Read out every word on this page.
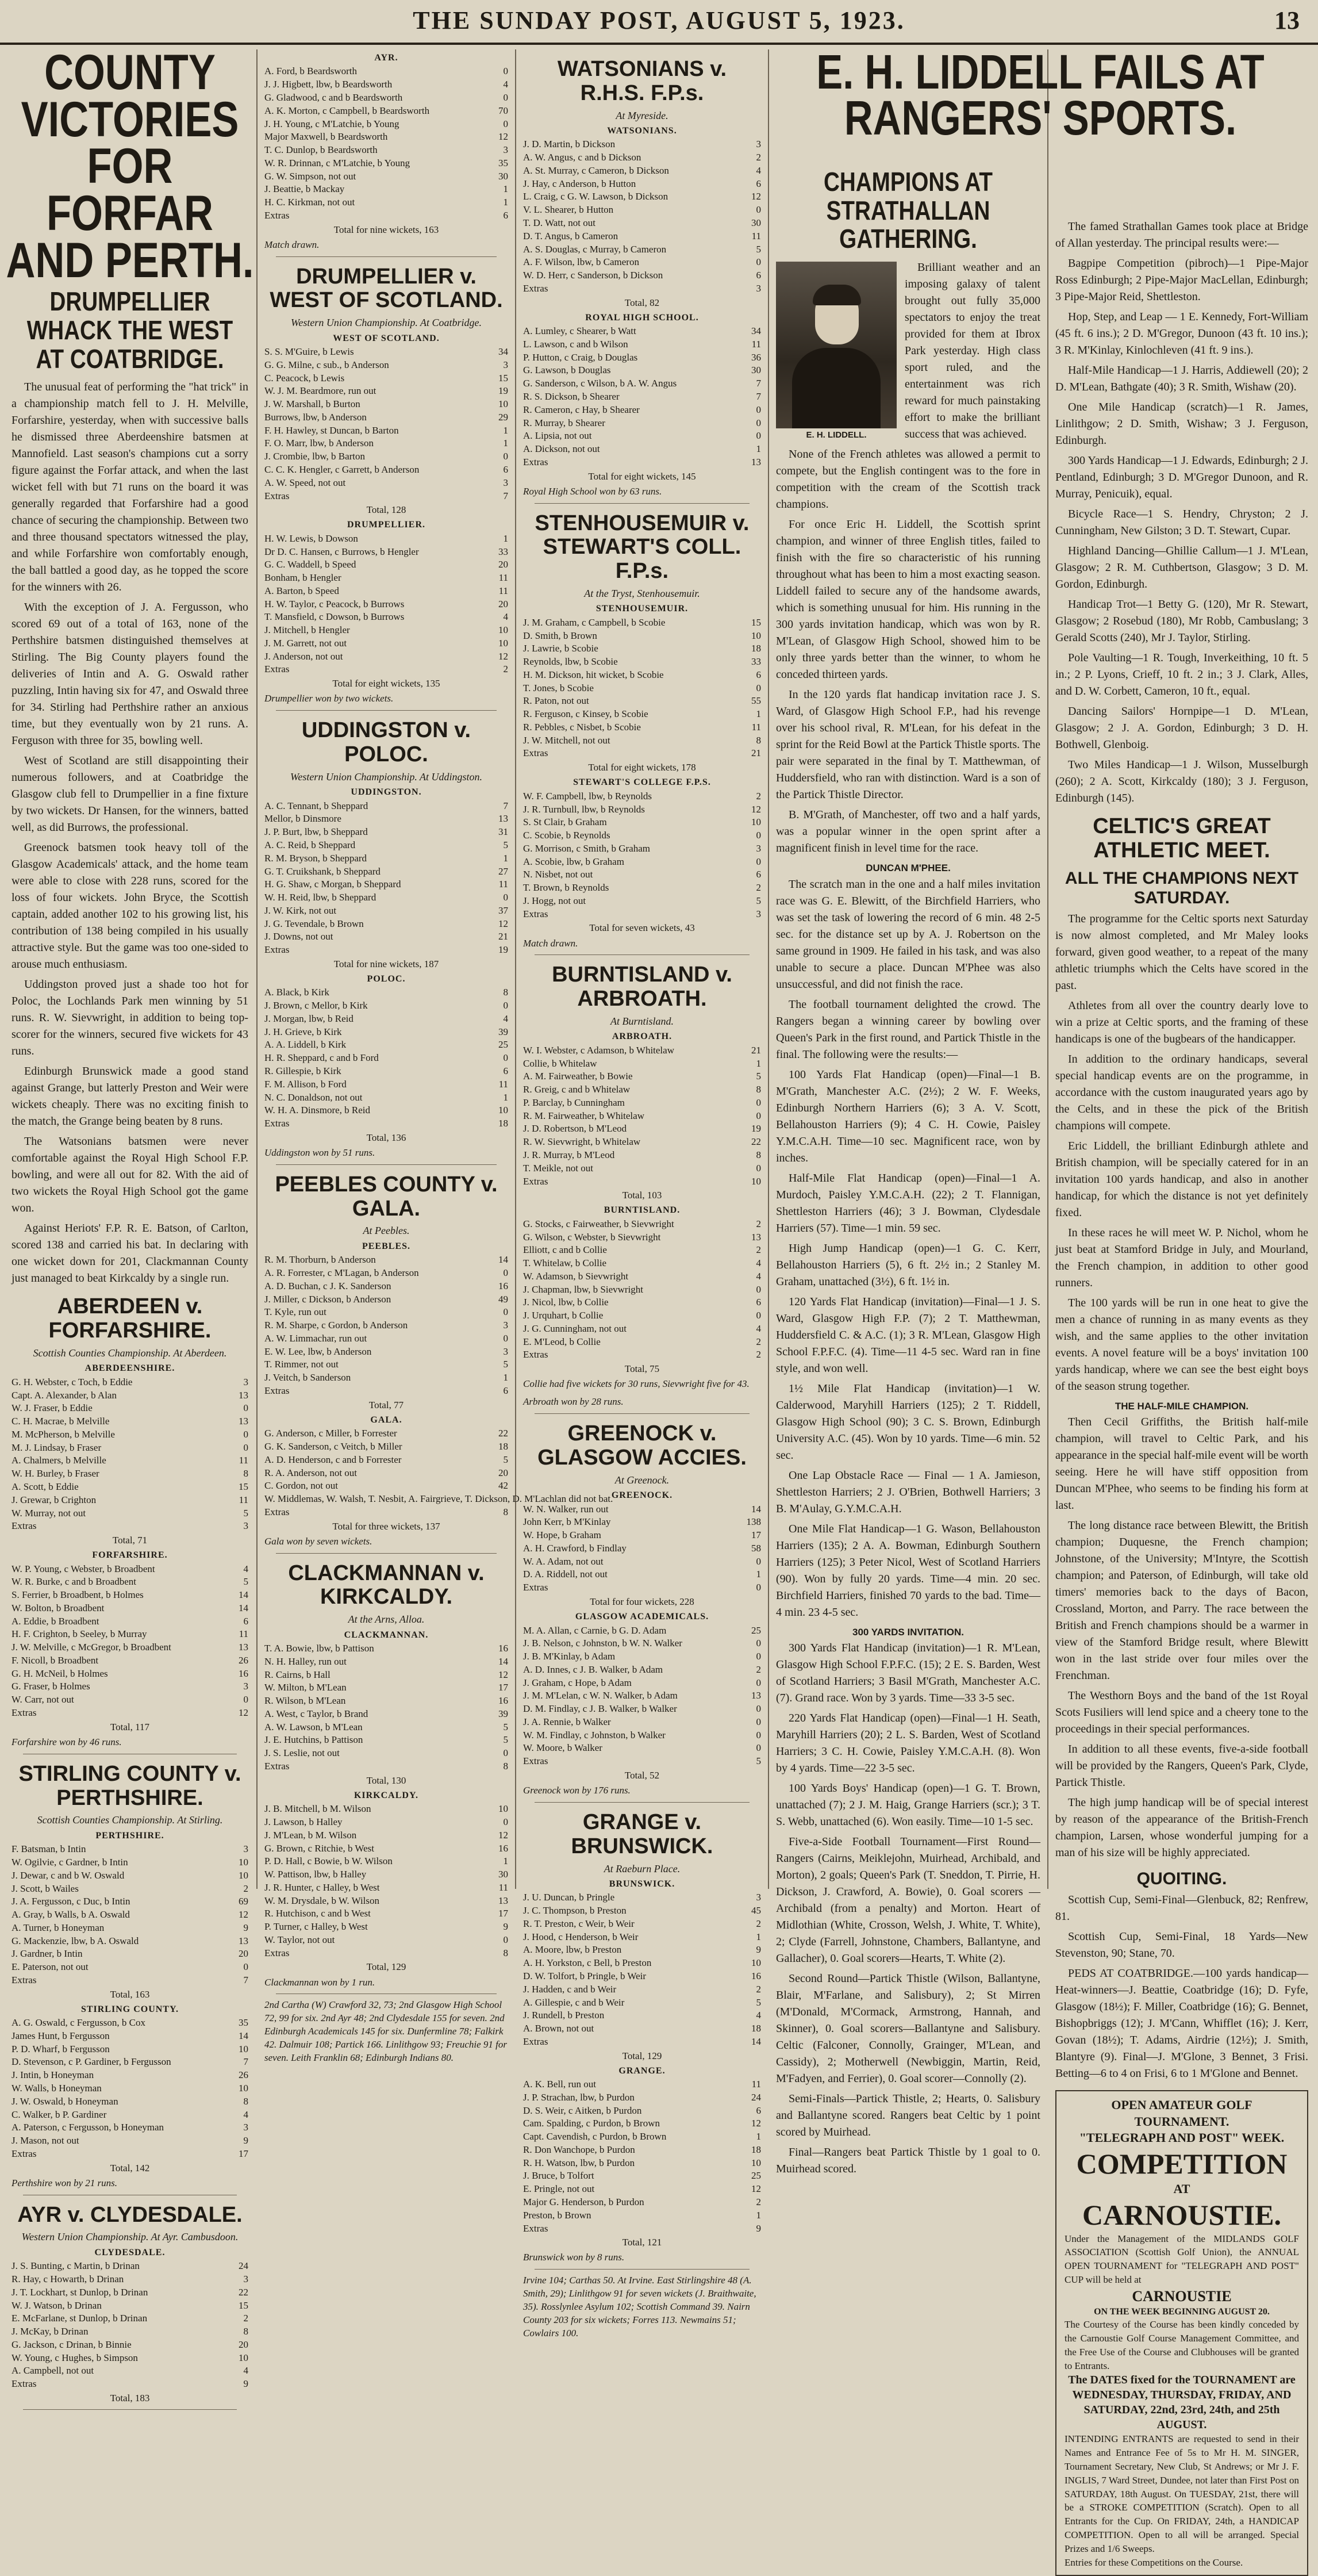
THE SUNDAY POST, AUGUST 5, 1923.	13
COUNTY VICTORIES FOR FORFAR AND PERTH.
DRUMPELLIER WHACK THE WEST AT COATBRIDGE.

The unusual feat of performing the "hat trick" in a championship match fell to J. H. Melville, Forfarshire, yesterday, when with successive balls he dismissed three Aberdeenshire batsmen at Mannofield. Last season's champions cut a sorry figure against the Forfar attack, and when the last wicket fell with but 71 runs on the board it was generally regarded that Forfarshire had a good chance of securing the championship. Between two and three thousand spectators witnessed the play, and while Forfarshire won comfortably enough, the ball battled a good day, as he topped the score for the winners with 26.

With the exception of J. A. Fergusson, who scored 69 out of a total of 163, none of the Perthshire batsmen distinguished themselves at Stirling. The Big County players found the deliveries of Intin and A. G. Oswald rather puzzling, Intin having six for 47, and Oswald three for 34. Stirling had Perthshire rather an anxious time, but they eventually won by 21 runs. A. Ferguson with three for 35, bowling well.

West of Scotland are still disappointing their numerous followers, and at Coatbridge the Glasgow club fell to Drumpellier in a fine fixture by two wickets. Dr Hansen, for the winners, batted well, as did Burrows, the professional.

Greenock batsmen took heavy toll of the Glasgow Academicals' attack, and the home team were able to close with 228 runs, scored for the loss of four wickets. John Bryce, the Scottish captain, added another 102 to his growing list, his contribution of 138 being compiled in his usually attractive style. But the game was too one-sided to arouse much enthusiasm.

Uddingston proved just a shade too hot for Poloc, the Lochlands Park men winning by 51 runs. R. W. Sievwright, in addition to being top-scorer for the winners, secured five wickets for 43 runs.

Edinburgh Brunswick made a good stand against Grange, but latterly Preston and Weir were wickets cheaply. There was no exciting finish to the match, the Grange being beaten by 8 runs.

The Watsonians batsmen were never comfortable against the Royal High School F.P. bowling, and were all out for 82. With the aid of two wickets the Royal High School got the game won.

Against Heriots' F.P. R. E. Batson, of Carlton, scored 138 and carried his bat. In declaring with one wicket down for 201, Clackmannan County just managed to beat Kirkcaldy by a single run.

ABERDEEN v. FORFARSHIRE.
Scottish Counties Championship. At Aberdeen.
ABERDEENSHIRE.
G. H. Webster, c Toch, b Eddie	3
Capt. A. Alexander, b Alan	13
W. J. Fraser, b Eddie	0
C. H. Macrae, b Melville	13
M. McPherson, b Melville	0
M. J. Lindsay, b Fraser	0
A. Chalmers, b Melville	11
W. H. Burley, b Fraser	8
A. Scott, b Eddie	15
J. Grewar, b Crighton	11
W. Murray, not out	5
Extras	3
Total, 71
FORFARSHIRE.
W. P. Young, c Webster, b Broadbent	4
W. R. Burke, c and b Broadbent	5
S. Ferrier, b Broadbent, b Holmes	14
W. Bolton, b Broadbent	14
A. Eddie, b Broadbent	6
H. F. Crighton, b Seeley, b Murray	11
J. W. Melville, c McGregor, b Broadbent	13
F. Nicoll, b Broadbent	26
G. H. McNeil, b Holmes	16
G. Fraser, b Holmes	3
W. Carr, not out	0
Extras	12
Total, 117
Forfarshire won by 46 runs.
STIRLING COUNTY v. PERTHSHIRE.
Scottish Counties Championship. At Stirling.
PERTHSHIRE.
F. Batsman, b Intin	3
W. Ogilvie, c Gardner, b Intin	10
J. Dewar, c and b W. Oswald	10
J. Scott, b Wailes	2
J. A. Fergusson, c Duc, b Intin	69
A. Gray, b Walls, b A. Oswald	12
A. Turner, b Honeyman	9
G. Mackenzie, lbw, b A. Oswald	13
J. Gardner, b Intin	20
E. Paterson, not out	0
Extras	7
Total, 163
STIRLING COUNTY.
A. G. Oswald, c Fergusson, b Cox	35
James Hunt, b Fergusson	14
P. D. Wharf, b Fergusson	10
D. Stevenson, c P. Gardiner, b Fergusson	7
J. Intin, b Honeyman	26
W. Walls, b Honeyman	10
J. W. Oswald, b Honeyman	8
C. Walker, b P. Gardiner	4
A. Paterson, c Fergusson, b Honeyman	3
J. Mason, not out	9
Extras	17
Total, 142
Perthshire won by 21 runs.
AYR v. CLYDESDALE.
Western Union Championship. At Ayr. Cambusdoon.
CLYDESDALE.
J. S. Bunting, c Martin, b Drinan	24
R. Hay, c Howarth, b Drinan	3
J. T. Lockhart, st Dunlop, b Drinan	22
W. J. Watson, b Drinan	15
E. McFarlane, st Dunlop, b Drinan	2
J. McKay, b Drinan	8
G. Jackson, c Drinan, b Binnie	20
W. Young, c Hughes, b Simpson	10
A. Campbell, not out	4
Extras	9
Total, 183
AYR.
A. Ford, b Beardsworth	0
J. J. Higbett, lbw, b Beardsworth	4
G. Gladwood, c and b Beardsworth	0
A. K. Morton, c Campbell, b Beardsworth	70
J. H. Young, c M'Latchie, b Young	0
Major Maxwell, b Beardsworth	12
T. C. Dunlop, b Beardsworth	3
W. R. Drinnan, c M'Latchie, b Young	35
G. W. Simpson, not out	30
J. Beattie, b Mackay	1
H. C. Kirkman, not out	1
Extras	6
Total for nine wickets, 163
Match drawn.
DRUMPELLIER v. WEST OF SCOTLAND.
Western Union Championship. At Coatbridge.
WEST OF SCOTLAND.
S. S. M'Guire, b Lewis	34
G. G. Milne, c sub., b Anderson	3
C. Peacock, b Lewis	15
W. J. M. Beardmore, run out	19
J. W. Marshall, b Burton	10
Burrows, lbw, b Anderson	29
F. H. Hawley, st Duncan, b Barton	1
F. O. Marr, lbw, b Anderson	1
J. Crombie, lbw, b Barton	0
C. C. K. Hengler, c Garrett, b Anderson	6
A. W. Speed, not out	3
Extras	7
Total, 128
DRUMPELLIER.
H. W. Lewis, b Dowson	1
Dr D. C. Hansen, c Burrows, b Hengler	33
G. C. Waddell, b Speed	20
Bonham, b Hengler	11
A. Barton, b Speed	11
H. W. Taylor, c Peacock, b Burrows	20
T. Mansfield, c Dowson, b Burrows	4
J. Mitchell, b Hengler	10
J. M. Garrett, not out	10
J. Anderson, not out	12
Extras	2
Total for eight wickets, 135
Drumpellier won by two wickets.
UDDINGSTON v. POLOC.
Western Union Championship. At Uddingston.
UDDINGSTON.
A. C. Tennant, b Sheppard	7
Mellor, b Dinsmore	13
J. P. Burt, lbw, b Sheppard	31
A. C. Reid, b Sheppard	5
R. M. Bryson, b Sheppard	1
G. T. Cruikshank, b Sheppard	27
H. G. Shaw, c Morgan, b Sheppard	11
W. H. Reid, lbw, b Sheppard	0
J. W. Kirk, not out	37
J. G. Tevendale, b Brown	12
J. Downs, not out	21
Extras	19
Total for nine wickets, 187
POLOC.
A. Black, b Kirk	8
J. Brown, c Mellor, b Kirk	0
J. Morgan, lbw, b Reid	4
J. H. Grieve, b Kirk	39
A. A. Liddell, b Kirk	25
H. R. Sheppard, c and b Ford	0
R. Gillespie, b Kirk	6
F. M. Allison, b Ford	11
N. C. Donaldson, not out	1
W. H. A. Dinsmore, b Reid	10
Extras	18
Total, 136
Uddingston won by 51 runs.
PEEBLES COUNTY v. GALA.
At Peebles.
PEEBLES.
R. M. Thorburn, b Anderson	14
A. R. Forrester, c M'Lagan, b Anderson	0
A. D. Buchan, c J. K. Sanderson	16
J. Miller, c Dickson, b Anderson	49
T. Kyle, run out	0
R. M. Sharpe, c Gordon, b Anderson	3
A. W. Limmachar, run out	0
E. W. Lee, lbw, b Anderson	3
T. Rimmer, not out	5
J. Veitch, b Sanderson	1
Extras	6
Total, 77
GALA.
G. Anderson, c Miller, b Forrester	22
G. K. Sanderson, c Veitch, b Miller	18
A. D. Henderson, c and b Forrester	5
R. A. Anderson, not out	20
C. Gordon, not out	42
W. Middlemas, W. Walsh, T. Nesbit, A. Fairgrieve, T. Dickson, D. M'Lachlan did not bat.
Extras	8
Total for three wickets, 137
Gala won by seven wickets.
CLACKMANNAN v. KIRKCALDY.
At the Arns, Alloa.
CLACKMANNAN.
T. A. Bowie, lbw, b Pattison	16
N. H. Halley, run out	14
R. Cairns, b Hall	12
W. Milton, b M'Lean	17
R. Wilson, b M'Lean	16
A. West, c Taylor, b Brand	39
A. W. Lawson, b M'Lean	5
J. E. Hutchins, b Pattison	5
J. S. Leslie, not out	0
Extras	8
Total, 130
KIRKCALDY.
J. B. Mitchell, b M. Wilson	10
J. Lawson, b Halley	0
J. M'Lean, b M. Wilson	12
G. Brown, c Ritchie, b West	16
P. D. Hall, c Bowie, b W. Wilson	1
W. Pattison, lbw, b Halley	30
J. R. Hunter, c Halley, b West	11
W. M. Drysdale, b W. Wilson	13
R. Hutchison, c and b West	17
P. Turner, c Halley, b West	9
W. Taylor, not out	0
Extras	8
Total, 129
Clackmannan won by 1 run.
2nd Cartha (W) Crawford 32, 73; 2nd Glasgow High School 72, 99 for six. 2nd Ayr 48; 2nd Clydesdale 155 for seven. 2nd Edinburgh Academicals 145 for six. Dunfermline 78; Falkirk 42. Dalmuir 108; Partick 166. Linlithgow 93; Freuchie 91 for seven. Leith Franklin 68; Edinburgh Indians 80.
WATSONIANS v. R.H.S. F.P.s.
At Myreside.
WATSONIANS.
J. D. Martin, b Dickson	3
A. W. Angus, c and b Dickson	2
A. St. Murray, c Cameron, b Dickson	4
J. Hay, c Anderson, b Hutton	6
L. Craig, c G. W. Lawson, b Dickson	12
V. L. Shearer, b Hutton	0
T. D. Watt, not out	30
D. T. Angus, b Cameron	11
A. S. Douglas, c Murray, b Cameron	5
A. F. Wilson, lbw, b Cameron	0
W. D. Herr, c Sanderson, b Dickson	6
Extras	3
Total, 82
ROYAL HIGH SCHOOL.
A. Lumley, c Shearer, b Watt	34
L. Lawson, c and b Wilson	11
P. Hutton, c Craig, b Douglas	36
G. Lawson, b Douglas	30
G. Sanderson, c Wilson, b A. W. Angus	7
R. S. Dickson, b Shearer	7
R. Cameron, c Hay, b Shearer	0
R. Murray, b Shearer	0
A. Lipsia, not out	0
A. Dickson, not out	1
Extras	13
Total for eight wickets, 145
Royal High School won by 63 runs.
STENHOUSEMUIR v. STEWART'S COLL. F.P.s.
At the Tryst, Stenhousemuir.
STENHOUSEMUIR.
J. M. Graham, c Campbell, b Scobie	15
D. Smith, b Brown	10
J. Lawrie, b Scobie	18
Reynolds, lbw, b Scobie	33
H. M. Dickson, hit wicket, b Scobie	6
T. Jones, b Scobie	0
R. Paton, not out	55
R. Ferguson, c Kinsey, b Scobie	1
R. Pebbles, c Nisbet, b Scobie	11
J. W. Mitchell, not out	8
Extras	21
Total for eight wickets, 178
STEWART'S COLLEGE F.P.S.
W. F. Campbell, lbw, b Reynolds	2
J. R. Turnbull, lbw, b Reynolds	12
S. St Clair, b Graham	10
C. Scobie, b Reynolds	0
G. Morrison, c Smith, b Graham	3
A. Scobie, lbw, b Graham	0
N. Nisbet, not out	6
T. Brown, b Reynolds	2
J. Hogg, not out	5
Extras	3
Total for seven wickets, 43
Match drawn.
BURNTISLAND v. ARBROATH.
At Burntisland.
ARBROATH.
W. I. Webster, c Adamson, b Whitelaw	21
Collie, b Whitelaw	1
A. M. Fairweather, b Bowie	5
R. Greig, c and b Whitelaw	8
P. Barclay, b Cunningham	0
R. M. Fairweather, b Whitelaw	0
J. D. Robertson, b M'Leod	19
R. W. Sievwright, b Whitelaw	22
J. R. Murray, b M'Leod	8
T. Meikle, not out	0
Extras	10
Total, 103
BURNTISLAND.
G. Stocks, c Fairweather, b Sievwright	2
G. Wilson, c Webster, b Sievwright	13
Elliott, c and b Collie	2
T. Whitelaw, b Collie	4
W. Adamson, b Sievwright	4
J. Chapman, lbw, b Sievwright	0
J. Nicol, lbw, b Collie	6
J. Urquhart, b Collie	0
J. G. Cunningham, not out	4
E. M'Leod, b Collie	2
Extras	2
Total, 75
Collie had five wickets for 30 runs, Sievwright five for 43.
Arbroath won by 28 runs.
GREENOCK v. GLASGOW ACCIES.
At Greenock.
GREENOCK.
W. N. Walker, run out	14
John Kerr, b M'Kinlay	138
W. Hope, b Graham	17
A. H. Crawford, b Findlay	58
W. A. Adam, not out	0
D. A. Riddell, not out	1
Extras	0
Total for four wickets, 228
GLASGOW ACADEMICALS.
M. A. Allan, c Carnie, b G. D. Adam	25
J. B. Nelson, c Johnston, b W. N. Walker	0
J. B. M'Kinlay, b Adam	0
A. D. Innes, c J. B. Walker, b Adam	2
J. Graham, c Hope, b Adam	0
J. M. M'Lelan, c W. N. Walker, b Adam	13
D. M. Findlay, c J. B. Walker, b Walker	0
J. A. Rennie, b Walker	0
W. M. Findlay, c Johnston, b Walker	0
W. Moore, b Walker	0
Extras	5
Total, 52
Greenock won by 176 runs.
GRANGE v. BRUNSWICK.
At Raeburn Place.
BRUNSWICK.
J. U. Duncan, b Pringle	3
J. C. Thompson, b Preston	45
R. T. Preston, c Weir, b Weir	2
J. Hood, c Henderson, b Weir	1
A. Moore, lbw, b Preston	9
A. H. Yorkston, c Bell, b Preston	10
D. W. Tolfort, b Pringle, b Weir	16
J. Hadden, c and b Weir	2
A. Gillespie, c and b Weir	5
J. Rundell, b Preston	4
A. Brown, not out	18
Extras	14
Total, 129
GRANGE.
A. K. Bell, run out	11
J. P. Strachan, lbw, b Purdon	24
D. S. Weir, c Aitken, b Purdon	6
Cam. Spalding, c Purdon, b Brown	12
Capt. Cavendish, c Purdon, b Brown	1
R. Don Wanchope, b Purdon	18
R. H. Watson, lbw, b Purdon	10
J. Bruce, b Tolfort	25
E. Pringle, not out	12
Major G. Henderson, b Purdon	2
Preston, b Brown	1
Extras	9
Total, 121
Brunswick won by 8 runs.
Irvine 104; Carthas 50. At Irvine. East Stirlingshire 48 (A. Smith, 29); Linlithgow 91 for seven wickets (J. Braithwaite, 35). Rosslynlee Asylum 102; Scottish Command 39. Nairn County 203 for six wickets; Forres 113. Newmains 51; Cowlairs 100.
E. H. LIDDELL FAILS AT RANGERS' SPORTS.
CHAMPIONS AT STRATHALLAN GATHERING.
E. H. LIDDELL.

Brilliant weather and an imposing galaxy of talent brought out fully 35,000 spectators to enjoy the treat provided for them at Ibrox Park yesterday. High class sport ruled, and the entertainment was rich reward for much painstaking effort to make the brilliant success that was achieved.

None of the French athletes was allowed a permit to compete, but the English contingent was to the fore in competition with the cream of the Scottish track champions.

For once Eric H. Liddell, the Scottish sprint champion, and winner of three English titles, failed to finish with the fire so characteristic of his running throughout what has been to him a most exacting season. Liddell failed to secure any of the handsome awards, which is something unusual for him. His running in the 300 yards invitation handicap, which was won by R. M'Lean, of Glasgow High School, showed him to be only three yards better than the winner, to whom he conceded thirteen yards.

In the 120 yards flat handicap invitation race J. S. Ward, of Glasgow High School F.P., had his revenge over his school rival, R. M'Lean, for his defeat in the sprint for the Reid Bowl at the Partick Thistle sports. The pair were separated in the final by T. Matthewman, of Huddersfield, who ran with distinction. Ward is a son of the Partick Thistle Director.

B. M'Grath, of Manchester, off two and a half yards, was a popular winner in the open sprint after a magnificent finish in level time for the race.

DUNCAN M'PHEE.

The scratch man in the one and a half miles invitation race was G. E. Blewitt, of the Birchfield Harriers, who was set the task of lowering the record of 6 min. 48 2-5 sec. for the distance set up by A. J. Robertson on the same ground in 1909. He failed in his task, and was also unable to secure a place. Duncan M'Phee was also unsuccessful, and did not finish the race.

The football tournament delighted the crowd. The Rangers began a winning career by bowling over Queen's Park in the first round, and Partick Thistle in the final. The following were the results:—

100 Yards Flat Handicap (open)—Final—1 B. M'Grath, Manchester A.C. (2½); 2 W. F. Weeks, Edinburgh Northern Harriers (6); 3 A. V. Scott, Bellahouston Harriers (9); 4 C. H. Cowie, Paisley Y.M.C.A.H. Time—10 sec. Magnificent race, won by inches.

Half-Mile Flat Handicap (open)—Final—1 A. Murdoch, Paisley Y.M.C.A.H. (22); 2 T. Flannigan, Shettleston Harriers (46); 3 J. Bowman, Clydesdale Harriers (57). Time—1 min. 59 sec.

High Jump Handicap (open)—1 G. C. Kerr, Bellahouston Harriers (5), 6 ft. 2½ in.; 2 Stanley M. Graham, unattached (3½), 6 ft. 1½ in.

120 Yards Flat Handicap (invitation)—Final—1 J. S. Ward, Glasgow High F.P. (7); 2 T. Matthewman, Huddersfield C. & A.C. (1); 3 R. M'Lean, Glasgow High School F.P.F.C. (4). Time—11 4-5 sec. Ward ran in fine style, and won well.

1½ Mile Flat Handicap (invitation)—1 W. Calderwood, Maryhill Harriers (125); 2 T. Riddell, Glasgow High School (90); 3 C. S. Brown, Edinburgh University A.C. (45). Won by 10 yards. Time—6 min. 52 sec.

One Lap Obstacle Race — Final — 1 A. Jamieson, Shettleston Harriers; 2 J. O'Brien, Bothwell Harriers; 3 B. M'Aulay, G.Y.M.C.A.H.

One Mile Flat Handicap—1 G. Wason, Bellahouston Harriers (135); 2 A. A. Bowman, Edinburgh Southern Harriers (125); 3 Peter Nicol, West of Scotland Harriers (90). Won by fully 20 yards. Time—4 min. 20 sec. Birchfield Harriers, finished 70 yards to the bad. Time—4 min. 23 4-5 sec.

300 YARDS INVITATION.

300 Yards Flat Handicap (invitation)—1 R. M'Lean, Glasgow High School F.P.F.C. (15); 2 E. S. Barden, West of Scotland Harriers; 3 Basil M'Grath, Manchester A.C. (7). Grand race. Won by 3 yards. Time—33 3-5 sec.

220 Yards Flat Handicap (open)—Final—1 H. Seath, Maryhill Harriers (20); 2 L. S. Barden, West of Scotland Harriers; 3 C. H. Cowie, Paisley Y.M.C.A.H. (8). Won by 4 yards. Time—22 3-5 sec.

100 Yards Boys' Handicap (open)—1 G. T. Brown, unattached (7); 2 J. M. Haig, Grange Harriers (scr.); 3 T. S. Webb, unattached (6). Won easily. Time—10 1-5 sec.

Five-a-Side Football Tournament—First Round—Rangers (Cairns, Meiklejohn, Muirhead, Archibald, and Morton), 2 goals; Queen's Park (T. Sneddon, T. Pirrie, H. Dickson, J. Crawford, A. Bowie), 0. Goal scorers — Archibald (from a penalty) and Morton. Heart of Midlothian (White, Crosson, Welsh, J. White, T. White), 2; Clyde (Farrell, Johnstone, Chambers, Ballantyne, and Gallacher), 0. Goal scorers—Hearts, T. White (2).

Second Round—Partick Thistle (Wilson, Ballantyne, Blair, M'Farlane, and Salisbury), 2; St Mirren (M'Donald, M'Cormack, Armstrong, Hannah, and Skinner), 0. Goal scorers—Ballantyne and Salisbury. Celtic (Falconer, Connolly, Grainger, M'Lean, and Cassidy), 2; Motherwell (Newbiggin, Martin, Reid, M'Fadyen, and Ferrier), 0. Goal scorer—Connolly (2).

Semi-Finals—Partick Thistle, 2; Hearts, 0. Salisbury and Ballantyne scored. Rangers beat Celtic by 1 point scored by Muirhead.

Final—Rangers beat Partick Thistle by 1 goal to 0. Muirhead scored.

The famed Strathallan Games took place at Bridge of Allan yesterday. The principal results were:—

Bagpipe Competition (pibroch)—1 Pipe-Major Ross Edinburgh; 2 Pipe-Major MacLellan, Edinburgh; 3 Pipe-Major Reid, Shettleston.

Hop, Step, and Leap — 1 E. Kennedy, Fort-William (45 ft. 6 ins.); 2 D. M'Gregor, Dunoon (43 ft. 10 ins.); 3 R. M'Kinlay, Kinlochleven (41 ft. 9 ins.).

Half-Mile Handicap—1 J. Harris, Addiewell (20); 2 D. M'Lean, Bathgate (40); 3 R. Smith, Wishaw (20).

One Mile Handicap (scratch)—1 R. James, Linlithgow; 2 D. Smith, Wishaw; 3 J. Ferguson, Edinburgh.

300 Yards Handicap—1 J. Edwards, Edinburgh; 2 J. Pentland, Edinburgh; 3 D. M'Gregor Dunoon, and R. Murray, Penicuik), equal.

Bicycle Race—1 S. Hendry, Chryston; 2 J. Cunningham, New Gilston; 3 D. T. Stewart, Cupar.

Highland Dancing—Ghillie Callum—1 J. M'Lean, Glasgow; 2 R. M. Cuthbertson, Glasgow; 3 D. M. Gordon, Edinburgh.

Handicap Trot—1 Betty G. (120), Mr R. Stewart, Glasgow; 2 Rosebud (180), Mr Robb, Cambuslang; 3 Gerald Scotts (240), Mr J. Taylor, Stirling.

Pole Vaulting—1 R. Tough, Inverkeithing, 10 ft. 5 in.; 2 P. Lyons, Crieff, 10 ft. 2 in.; 3 J. Clark, Alles, and D. W. Corbett, Cameron, 10 ft., equal.

Dancing Sailors' Hornpipe—1 D. M'Lean, Glasgow; 2 J. A. Gordon, Edinburgh; 3 D. H. Bothwell, Glenboig.

Two Miles Handicap—1 J. Wilson, Musselburgh (260); 2 A. Scott, Kirkcaldy (180); 3 J. Ferguson, Edinburgh (145).

CELTIC'S GREAT ATHLETIC MEET.
ALL THE CHAMPIONS NEXT SATURDAY.

The programme for the Celtic sports next Saturday is now almost completed, and Mr Maley looks forward, given good weather, to a repeat of the many athletic triumphs which the Celts have scored in the past.

Athletes from all over the country dearly love to win a prize at Celtic sports, and the framing of these handicaps is one of the bugbears of the handicapper.

In addition to the ordinary handicaps, several special handicap events are on the programme, in accordance with the custom inaugurated years ago by the Celts, and in these the pick of the British champions will compete.

Eric Liddell, the brilliant Edinburgh athlete and British champion, will be specially catered for in an invitation 100 yards handicap, and also in another handicap, for which the distance is not yet definitely fixed.

In these races he will meet W. P. Nichol, whom he just beat at Stamford Bridge in July, and Mourland, the French champion, in addition to other good runners.

The 100 yards will be run in one heat to give the men a chance of running in as many events as they wish, and the same applies to the other invitation events. A novel feature will be a boys' invitation 100 yards handicap, where we can see the best eight boys of the season strung together.

THE HALF-MILE CHAMPION.

Then Cecil Griffiths, the British half-mile champion, will travel to Celtic Park, and his appearance in the special half-mile event will be worth seeing. Here he will have stiff opposition from Duncan M'Phee, who seems to be finding his form at last.

The long distance race between Blewitt, the British champion; Duquesne, the French champion; Johnstone, of the University; M'Intyre, the Scottish champion; and Paterson, of Edinburgh, will take old timers' memories back to the days of Bacon, Crossland, Morton, and Parry. The race between the British and French champions should be a warmer in view of the Stamford Bridge result, where Blewitt won in the last stride over four miles over the Frenchman.

The Westhorn Boys and the band of the 1st Royal Scots Fusiliers will lend spice and a cheery tone to the proceedings in their special performances.

In addition to all these events, five-a-side football will be provided by the Rangers, Queen's Park, Clyde, Partick Thistle.

The high jump handicap will be of special interest by reason of the appearance of the British-French champion, Larsen, whose wonderful jumping for a man of his size will be highly appreciated.

QUOITING.

Scottish Cup, Semi-Final—Glenbuck, 82; Renfrew, 81.

Scottish Cup, Semi-Final, 18 Yards—New Stevenston, 90; Stane, 70.

PEDS AT COATBRIDGE.—100 yards handicap—Heat-winners—J. Beattie, Coatbridge (16); D. Fyfe, Glasgow (18½); F. Miller, Coatbridge (16); G. Bennet, Bishopbriggs (12); J. M'Cann, Whifflet (16); J. Kerr, Govan (18½); T. Adams, Airdrie (12½); J. Smith, Blantyre (9). Final—J. M'Glone, 3 Bennet, 3 Frisi. Betting—6 to 4 on Frisi, 6 to 1 M'Glone and Bennet.

OPEN AMATEUR GOLF TOURNAMENT.
"TELEGRAPH AND POST" WEEK.
COMPETITION
AT
CARNOUSTIE.
Under the Management of the MIDLANDS GOLF ASSOCIATION (Scottish Golf Union), the ANNUAL OPEN TOURNAMENT for "TELEGRAPH AND POST" CUP will be held at
CARNOUSTIE
ON THE WEEK BEGINNING AUGUST 20.
The Courtesy of the Course has been kindly conceded by the Carnoustie Golf Course Management Committee, and the Free Use of the Course and Clubhouses will be granted to Entrants.
The DATES fixed for the TOURNAMENT are WEDNESDAY, THURSDAY, FRIDAY, AND SATURDAY, 22nd, 23rd, 24th, and 25th AUGUST.
INTENDING ENTRANTS are requested to send in their Names and Entrance Fee of 5s to Mr H. M. SINGER, Tournament Secretary, New Club, St Andrews; or Mr J. F. INGLIS, 7 Ward Street, Dundee, not later than First Post on SATURDAY, 18th August. On TUESDAY, 21st, there will be a STROKE COMPETITION (Scratch). Open to all Entrants for the Cup. On FRIDAY, 24th, a HANDICAP COMPETITION. Open to all will be arranged. Special Prizes and 1/6 Sweeps.
Entries for these Competitions on the Course.
